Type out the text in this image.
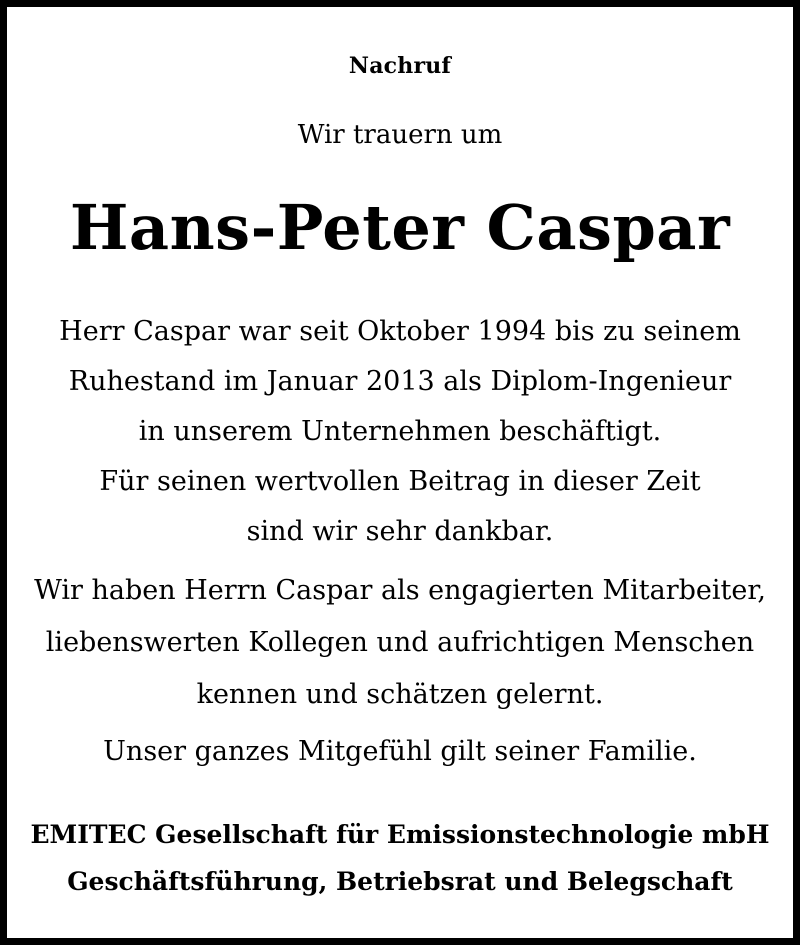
Nachruf
Wir trauern um
Hans-Peter Caspar
Herr Caspar war seit Oktober 1994 bis zu seinem
Ruhestand im Januar 2013 als Diplom-Ingenieur
in unserem Unternehmen beschäftigt.
Für seinen wertvollen Beitrag in dieser Zeit
sind wir sehr dankbar.
Wir haben Herrn Caspar als engagierten Mitarbeiter,
liebenswerten Kollegen und aufrichtigen Menschen
kennen und schätzen gelernt.
Unser ganzes Mitgefühl gilt seiner Familie.
EMITEC Gesellschaft für Emissionstechnologie mbH
Geschäftsführung, Betriebsrat und Belegschaft
